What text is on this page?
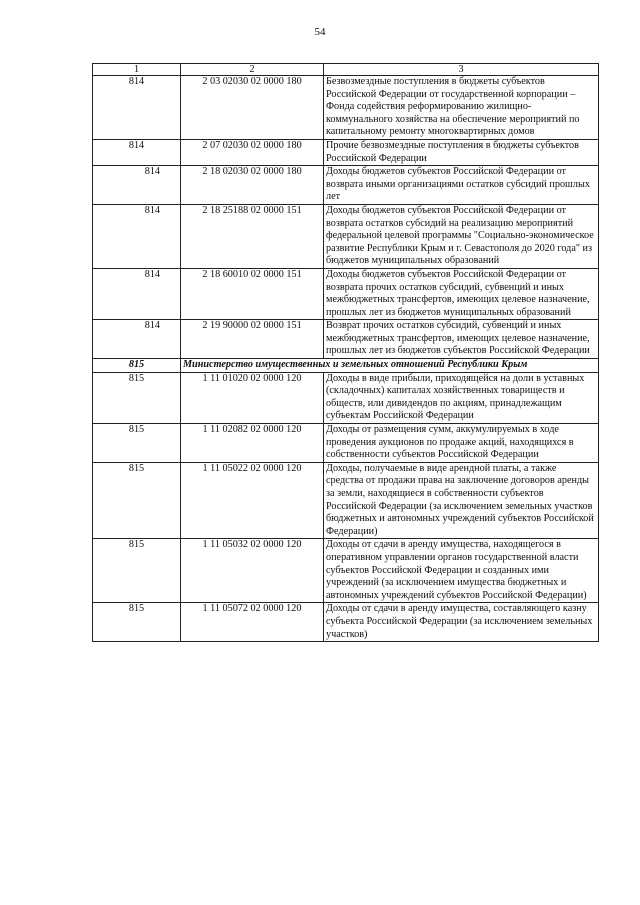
54
1	2	3
814	2 03 02030 02 0000 180	Безвозмездные поступления в бюджеты субъектов Российской Федерации от государственной корпорации – Фонда содействия реформированию жилищно-коммунального хозяйства на обеспечение мероприятий по капитальному ремонту многоквартирных домов
814	2 07 02030 02 0000 180	Прочие безвозмездные поступления в бюджеты субъектов Российской Федерации
814	2 18 02030 02 0000 180	Доходы бюджетов субъектов Российской Федерации от возврата иными организациями остатков субсидий прошлых лет
814	2 18 25188 02 0000 151	Доходы бюджетов субъектов Российской Федерации от возврата остатков субсидий на реализацию мероприятий федеральной целевой программы "Социально-экономическое развитие Республики Крым и г. Севастополя до 2020 года" из бюджетов муниципальных образований
814	2 18 60010 02 0000 151	Доходы бюджетов субъектов Российской Федерации от возврата прочих остатков субсидий, субвенций и иных межбюджетных трансфертов, имеющих целевое назначение, прошлых лет из бюджетов муниципальных образований
814	2 19 90000 02 0000 151	Возврат прочих остатков субсидий, субвенций и иных межбюджетных трансфертов, имеющих целевое назначение, прошлых лет из бюджетов субъектов Российской Федерации
815	Министерство имущественных и земельных отношений Республики Крым	
815	1 11 01020 02 0000 120	Доходы в виде прибыли, приходящейся на доли в уставных (складочных) капиталах хозяйственных товариществ и обществ, или дивидендов по акциям, принадлежащим субъектам Российской Федерации
815	1 11 02082 02 0000 120	Доходы от размещения сумм, аккумулируемых в ходе проведения аукционов по продаже акций, находящихся в собственности субъектов Российской Федерации
815	1 11 05022 02 0000 120	Доходы, получаемые в виде арендной платы, а также средства от продажи права на заключение договоров аренды за земли, находящиеся в собственности субъектов Российской Федерации (за исключением земельных участков бюджетных и автономных учреждений субъектов Российской Федерации)
815	1 11 05032 02 0000 120	Доходы от сдачи в аренду имущества, находящегося в оперативном управлении органов государственной власти субъектов Российской Федерации и созданных ими учреждений (за исключением имущества бюджетных и автономных учреждений субъектов Российской Федерации)
815	1 11 05072 02 0000 120	Доходы от сдачи в аренду имущества, составляющего казну субъекта Российской Федерации (за исключением земельных участков)
